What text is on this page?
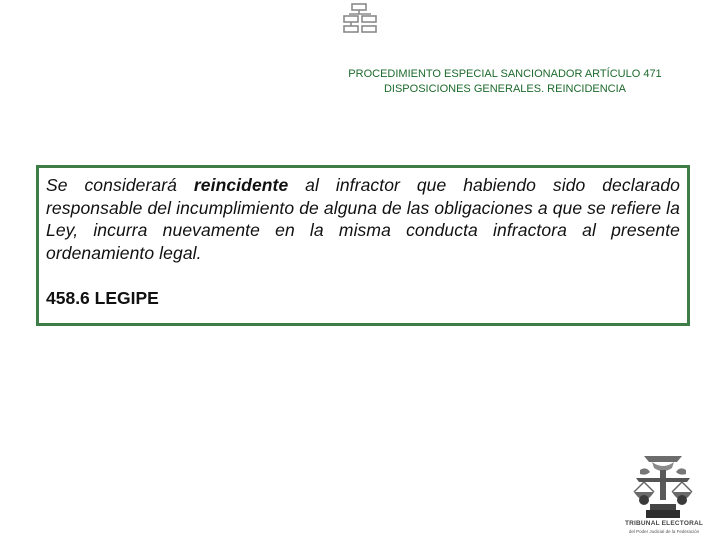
PROCEDIMIENTO ESPECIAL SANCIONADOR ARTÍCULO 471
DISPOSICIONES GENERALES. REINCIDENCIA

Se considerará reincidente al infractor que habiendo sido declarado responsable del incumplimiento de alguna de las obligaciones a que se refiere la Ley, incurra nuevamente en la misma conducta infractora al presente ordenamiento legal.

458.6 LEGIPE
TRIBUNAL ELECTORAL
del Poder Judicial de la Federación
